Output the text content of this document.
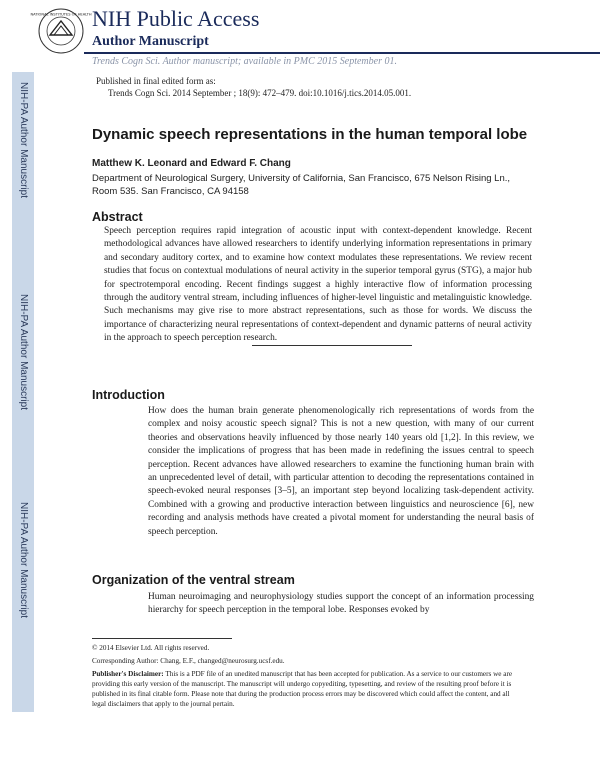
NIH-PA Author Manuscript
NIH-PA Author Manuscript
NIH-PA Author Manuscript
NATIONAL INSTITUTES OF HEALTH NIH Public Access
Author Manuscript
Trends Cogn Sci. Author manuscript; available in PMC 2015 September 01.
Published in final edited form as:
Trends Cogn Sci. 2014 September ; 18(9): 472–479. doi:10.1016/j.tics.2014.05.001.
Dynamic speech representations in the human temporal lobe
Matthew K. Leonard and Edward F. Chang
Department of Neurological Surgery, University of California, San Francisco, 675 Nelson Rising Ln., Room 535. San Francisco, CA 94158
Abstract
Speech perception requires rapid integration of acoustic input with context-dependent knowledge. Recent methodological advances have allowed researchers to identify underlying information representations in primary and secondary auditory cortex, and to examine how context modulates these representations. We review recent studies that focus on contextual modulations of neural activity in the superior temporal gyrus (STG), a major hub for spectrotemporal encoding. Recent findings suggest a highly interactive flow of information processing through the auditory ventral stream, including influences of higher-level linguistic and metalinguistic knowledge. Such mechanisms may give rise to more abstract representations, such as those for words. We discuss the importance of characterizing neural representations of context-dependent and dynamic patterns of neural activity in the approach to speech perception research.
Introduction
How does the human brain generate phenomenologically rich representations of words from the complex and noisy acoustic speech signal? This is not a new question, with many of our current theories and observations heavily influenced by those nearly 140 years old [1,2]. In this review, we consider the implications of progress that has been made in redefining the issues central to speech perception. Recent advances have allowed researchers to examine the functioning human brain with an unprecedented level of detail, with particular attention to decoding the representations contained in speech-evoked neural responses [3–5], an important step beyond localizing task-dependent activity. Combined with a growing and productive interaction between linguistics and neuroscience [6], new recording and analysis methods have created a pivotal moment for understanding the neural basis of speech perception.
Organization of the ventral stream
Human neuroimaging and neurophysiology studies support the concept of an information processing hierarchy for speech perception in the temporal lobe. Responses evoked by
© 2014 Elsevier Ltd. All rights reserved.
Corresponding Author: Chang, E.F., changed@neurosurg.ucsf.edu.
Publisher's Disclaimer: This is a PDF file of an unedited manuscript that has been accepted for publication. As a service to our customers we are providing this early version of the manuscript. The manuscript will undergo copyediting, typesetting, and review of the resulting proof before it is published in its final citable form. Please note that during the production process errors may be discovered which could affect the content, and all legal disclaimers that apply to the journal pertain.
